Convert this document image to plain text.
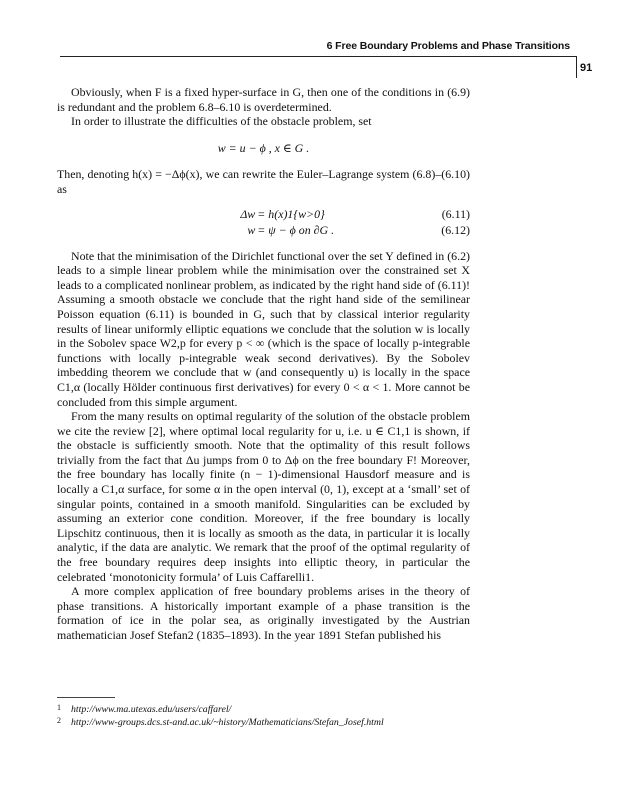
6 Free Boundary Problems and Phase Transitions
91

Obviously, when F is a fixed hyper-surface in G, then one of the conditions in (6.9) is redundant and the problem 6.8–6.10 is overdetermined.

In order to illustrate the difficulties of the obstacle problem, set

w = u − ϕ , x ∈ G .

Then, denoting h(x) = −Δϕ(x), we can rewrite the Euler–Lagrange system (6.8)–(6.10) as

Δw = h(x)1{w>0}	(6.11)
w = ψ − ϕ on ∂G .	(6.12)

Note that the minimisation of the Dirichlet functional over the set Y defined in (6.2) leads to a simple linear problem while the minimisation over the constrained set X leads to a complicated nonlinear problem, as indicated by the right hand side of (6.11)! Assuming a smooth obstacle we conclude that the right hand side of the semilinear Poisson equation (6.11) is bounded in G, such that by classical interior regularity results of linear uniformly elliptic equations we conclude that the solution w is locally in the Sobolev space W2,p for every p < ∞ (which is the space of locally p-integrable functions with locally p-integrable weak second derivatives). By the Sobolev imbedding theorem we conclude that w (and consequently u) is locally in the space C1,α (locally Hölder continuous first derivatives) for every 0 < α < 1. More cannot be concluded from this simple argument.

From the many results on optimal regularity of the solution of the obstacle problem we cite the review [2], where optimal local regularity for u, i.e. u ∈ C1,1 is shown, if the obstacle is sufficiently smooth. Note that the optimality of this result follows trivially from the fact that Δu jumps from 0 to Δϕ on the free boundary F! Moreover, the free boundary has locally finite (n − 1)-dimensional Hausdorf measure and is locally a C1,α surface, for some α in the open interval (0, 1), except at a ‘small’ set of singular points, contained in a smooth manifold. Singularities can be excluded by assuming an exterior cone condition. Moreover, if the free boundary is locally Lipschitz continuous, then it is locally as smooth as the data, in particular it is locally analytic, if the data are analytic. We remark that the proof of the optimal regularity of the free boundary requires deep insights into elliptic theory, in particular the celebrated ‘monotonicity formula’ of Luis Caffarelli1.

A more complex application of free boundary problems arises in the theory of phase transitions. A historically important example of a phase transition is the formation of ice in the polar sea, as originally investigated by the Austrian mathematician Josef Stefan2 (1835–1893). In the year 1891 Stefan published his

1 http://www.ma.utexas.edu/users/caffarel/
2 http://www-groups.dcs.st-and.ac.uk/~history/Mathematicians/Stefan_Josef.html
